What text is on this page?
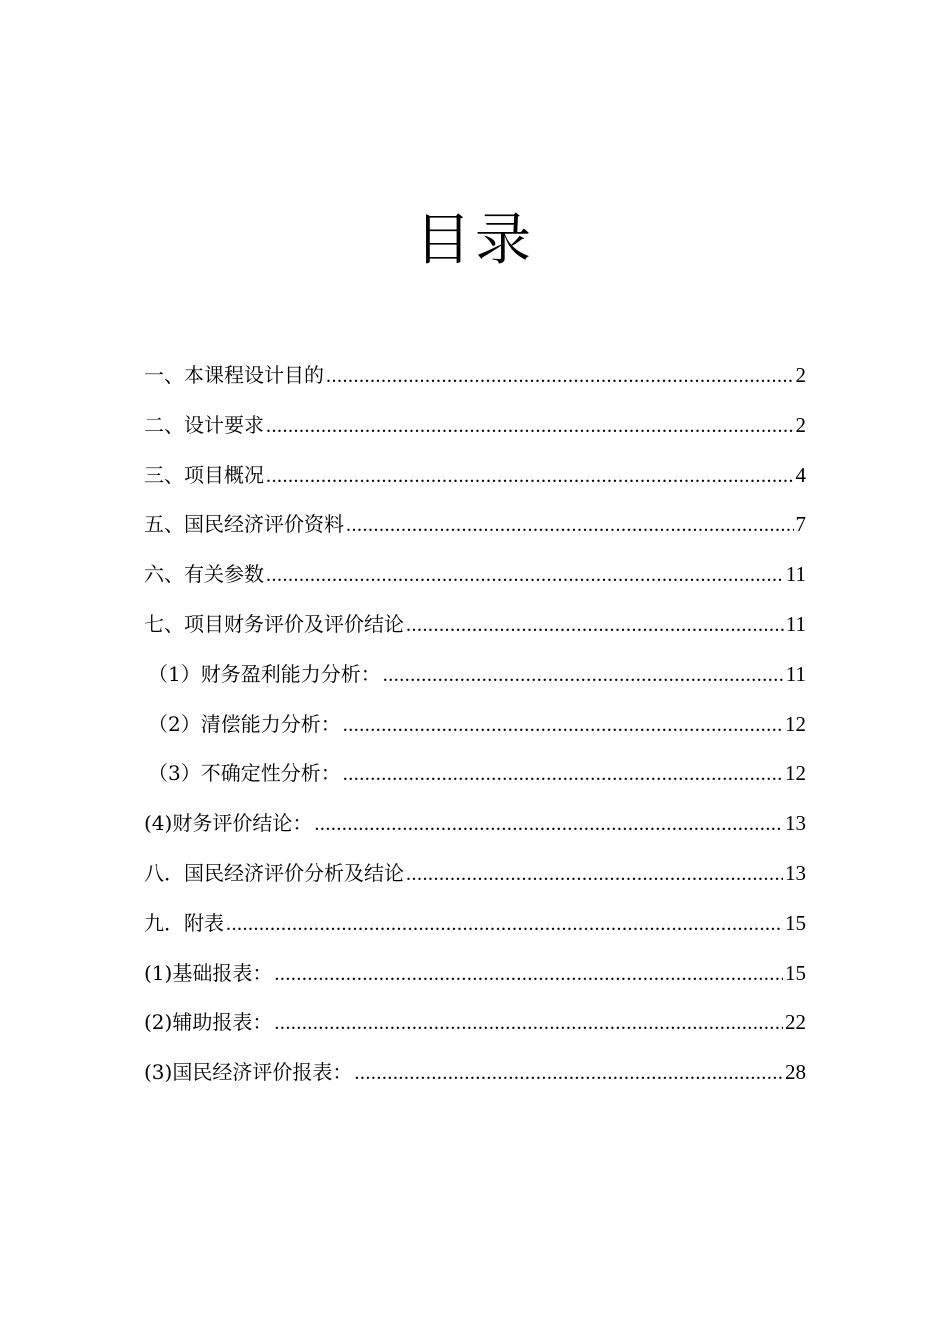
目录
一、本课程设计目的 .....	2
二、设计要求 .....	2
三、项目概况 .....	4
五、国民经济评价资料 .....	7
六、有关参数 .....	11
七、项目财务评价及评价结论 .....	11
（1）财务盈利能力分析： .....	11
（2）清偿能力分析： .....	12
（3）不确定性分析： .....	12
(4)财务评价结论： .....	13
八．国民经济评价分析及结论 .....	13
九．附表 .....	15
(1)基础报表： .....	15
(2)辅助报表： .....	22
(3)国民经济评价报表： .....	28
